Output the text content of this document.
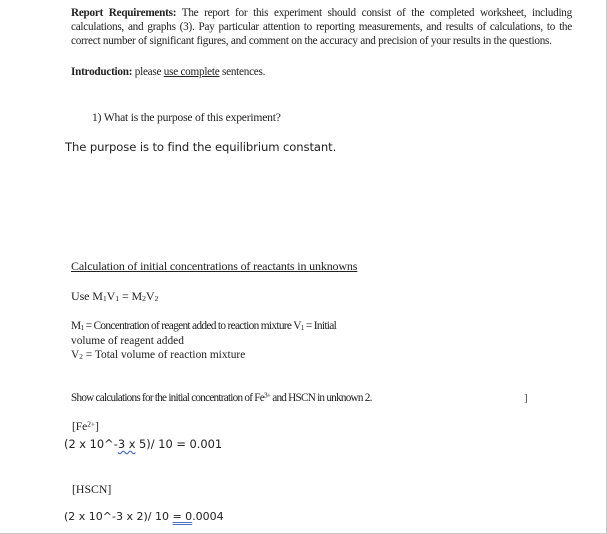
Report Requirements: The report for this experiment should consist of the completed worksheet, including calculations, and graphs (3). Pay particular attention to reporting measurements, and results of calculations, to the correct number of significant figures, and comment on the accuracy and precision of your results in the questions.

Introduction: please use complete sentences.

1) What is the purpose of this experiment?

The purpose is to find the equilibrium constant.

Calculation of initial concentrations of reactants in unknowns

Use $M_1V_1 = M_2V_2$

$M_1$ = Concentration of reagent added to reaction mixture $V_1$ = Initial
volume of reagent added
$V_2$ = Total volume of reaction mixture

Show calculations for the initial concentration of $Fe^{3+}$ and HSCN in unknown 2.	]

$[Fe^{2+}]$

(2 x 10^-3 x 5)/ 10 = 0.001

[HSCN]

(2 x 10^-3 x 2)/ 10 = 0.0004
